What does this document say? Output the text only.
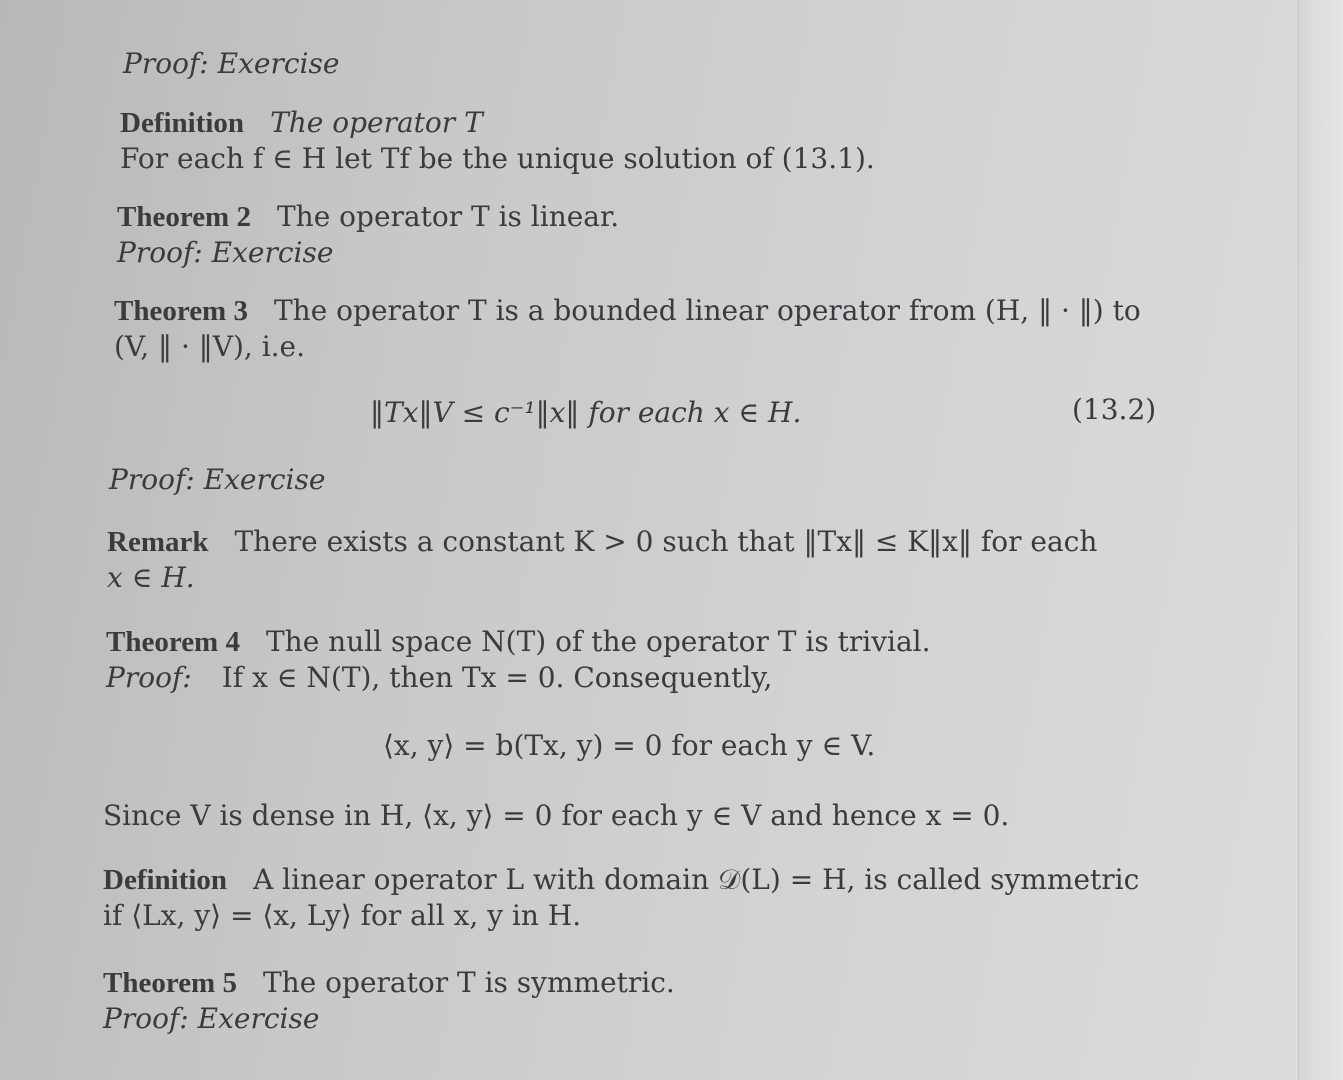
Proof: Exercise
Definition The operator T
For each f ∈ H let Tf be the unique solution of (13.1).
Theorem 2 The operator T is linear.
Proof: Exercise
Theorem 3 The operator T is a bounded linear operator from (H, ‖ · ‖) to
(V, ‖ · ‖V), i.e.
‖Tx‖V ≤ c⁻¹‖x‖ for each x ∈ H.	(13.2)
Proof: Exercise
Remark There exists a constant K > 0 such that ‖Tx‖ ≤ K‖x‖ for each
x ∈ H.
Theorem 4 The null space N(T) of the operator T is trivial.
Proof: If x ∈ N(T), then Tx = 0. Consequently,
⟨x, y⟩ = b(Tx, y) = 0 for each y ∈ V.
Since V is dense in H, ⟨x, y⟩ = 0 for each y ∈ V and hence x = 0.
Definition A linear operator L with domain 𝒟(L) = H, is called symmetric
if ⟨Lx, y⟩ = ⟨x, Ly⟩ for all x, y in H.
Theorem 5 The operator T is symmetric.
Proof: Exercise
